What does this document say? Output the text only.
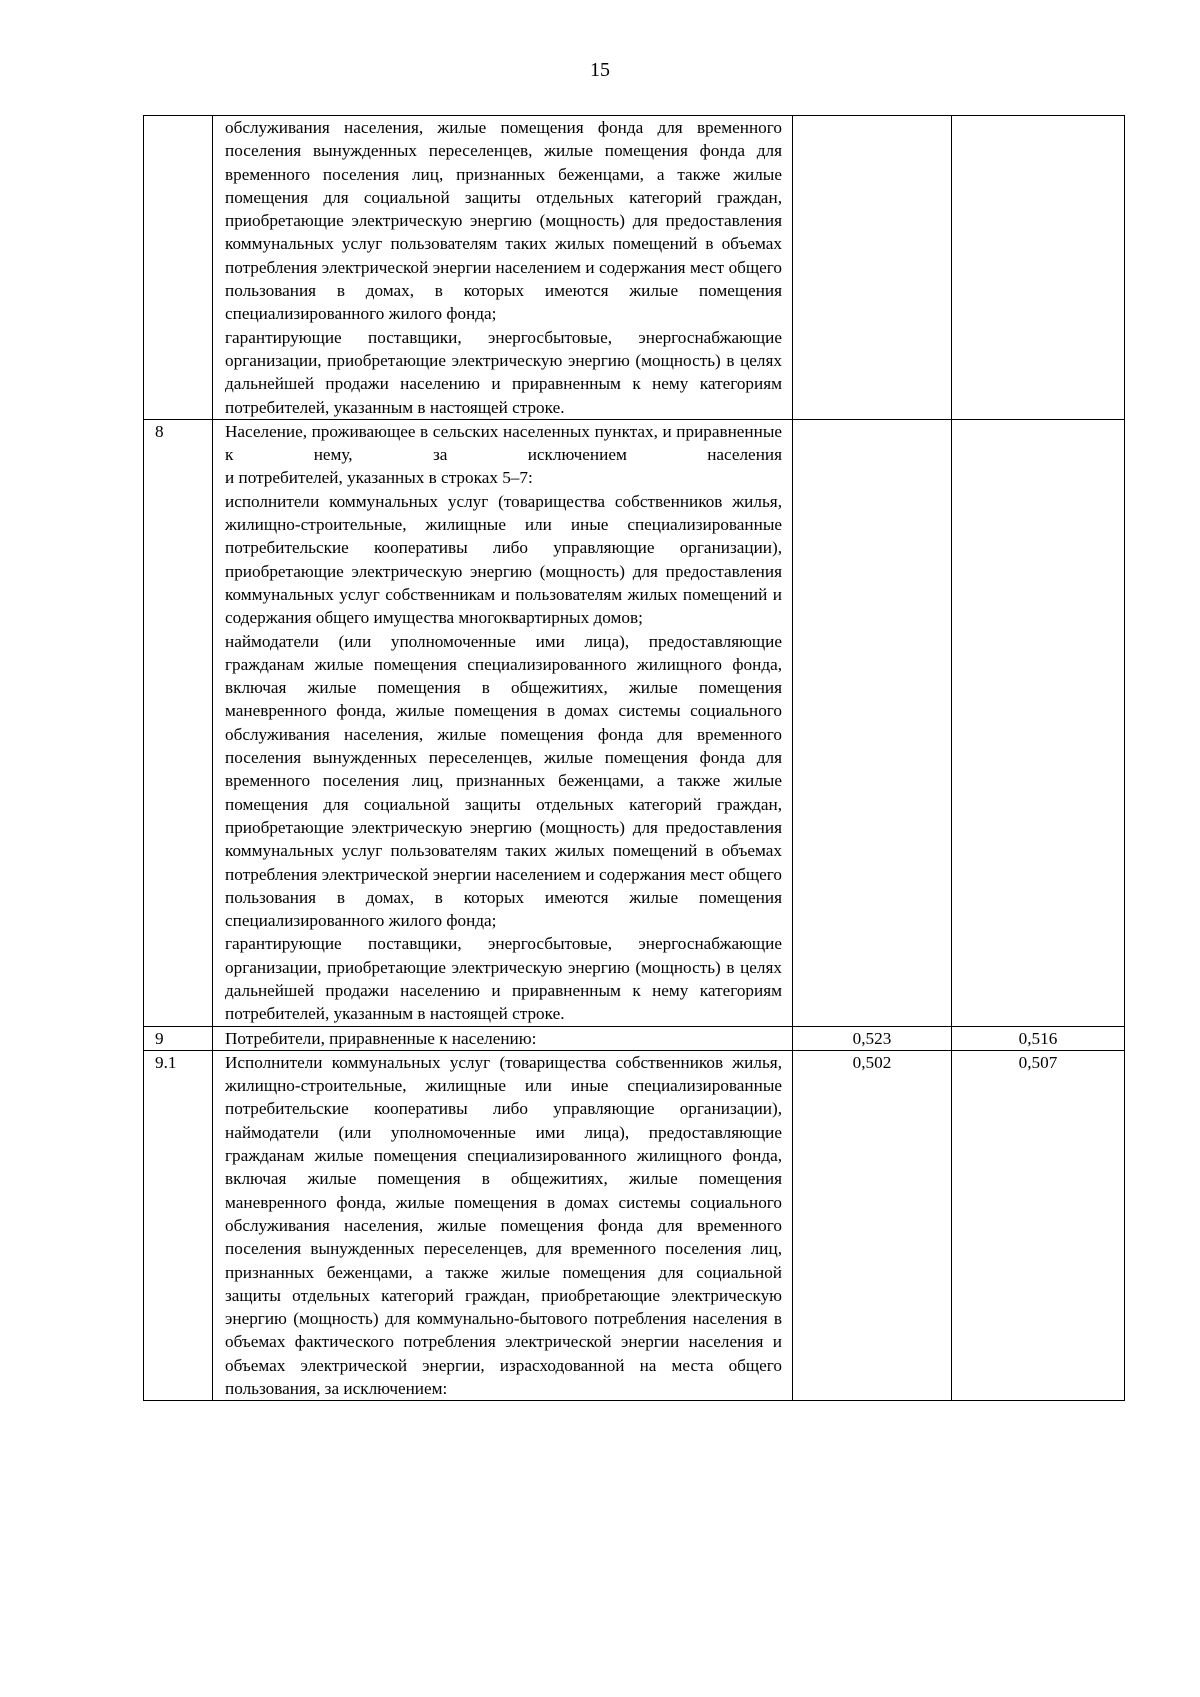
15

	обслуживания населения, жилые помещения фонда для временного поселения вынужденных переселенцев, жилые помещения фонда для временного поселения лиц, признанных беженцами, а также жилые помещения для социальной защиты отдельных категорий граждан, приобретающие электрическую энергию (мощность) для предоставления коммунальных услуг пользователям таких жилых помещений в объемах потребления электрической энергии населением и содержания мест общего пользования в домах, в которых имеются жилые помещения специализированного жилого фонда;
гарантирующие поставщики, энергосбытовые, энергоснабжающие организации, приобретающие электрическую энергию (мощность) в целях дальнейшей продажи населению и приравненным к нему категориям потребителей, указанным в настоящей строке.		

8	Население, проживающее в сельских населенных пунктах, и приравненные к нему, за исключением населения
и потребителей, указанных в строках 5–7:
исполнители коммунальных услуг (товарищества собственников жилья, жилищно-строительные, жилищные или иные специализированные потребительские кооперативы либо управляющие организации), приобретающие электрическую энергию (мощность) для предоставления коммунальных услуг собственникам и пользователям жилых помещений и содержания общего имущества многоквартирных домов;
наймодатели (или уполномоченные ими лица), предоставляющие гражданам жилые помещения специализированного жилищного фонда, включая жилые помещения в общежитиях, жилые помещения маневренного фонда, жилые помещения в домах системы социального обслуживания населения, жилые помещения фонда для временного поселения вынужденных переселенцев, жилые помещения фонда для временного поселения лиц, признанных беженцами, а также жилые помещения для социальной защиты отдельных категорий граждан, приобретающие электрическую энергию (мощность) для предоставления коммунальных услуг пользователям таких жилых помещений в объемах потребления электрической энергии населением и содержания мест общего пользования в домах, в которых имеются жилые помещения специализированного жилого фонда;
гарантирующие поставщики, энергосбытовые, энергоснабжающие организации, приобретающие электрическую энергию (мощность) в целях дальнейшей продажи населению и приравненным к нему категориям потребителей, указанным в настоящей строке.		

9	Потребители, приравненные к населению:	0,523	0,516
9.1	Исполнители коммунальных услуг (товарищества собственников жилья, жилищно-строительные, жилищные или иные специализированные потребительские кооперативы либо управляющие организации), наймодатели (или уполномоченные ими лица), предоставляющие гражданам жилые помещения специализированного жилищного фонда, включая жилые помещения в общежитиях, жилые помещения маневренного фонда, жилые помещения в домах системы социального обслуживания населения, жилые помещения фонда для временного поселения вынужденных переселенцев, для временного поселения лиц, признанных беженцами, а также жилые помещения для социальной защиты отдельных категорий граждан, приобретающие электрическую энергию (мощность) для коммунально-бытового потребления населения в объемах фактического потребления электрической энергии населения и объемах электрической энергии, израсходованной на места общего пользования, за исключением:	0,502	0,507
